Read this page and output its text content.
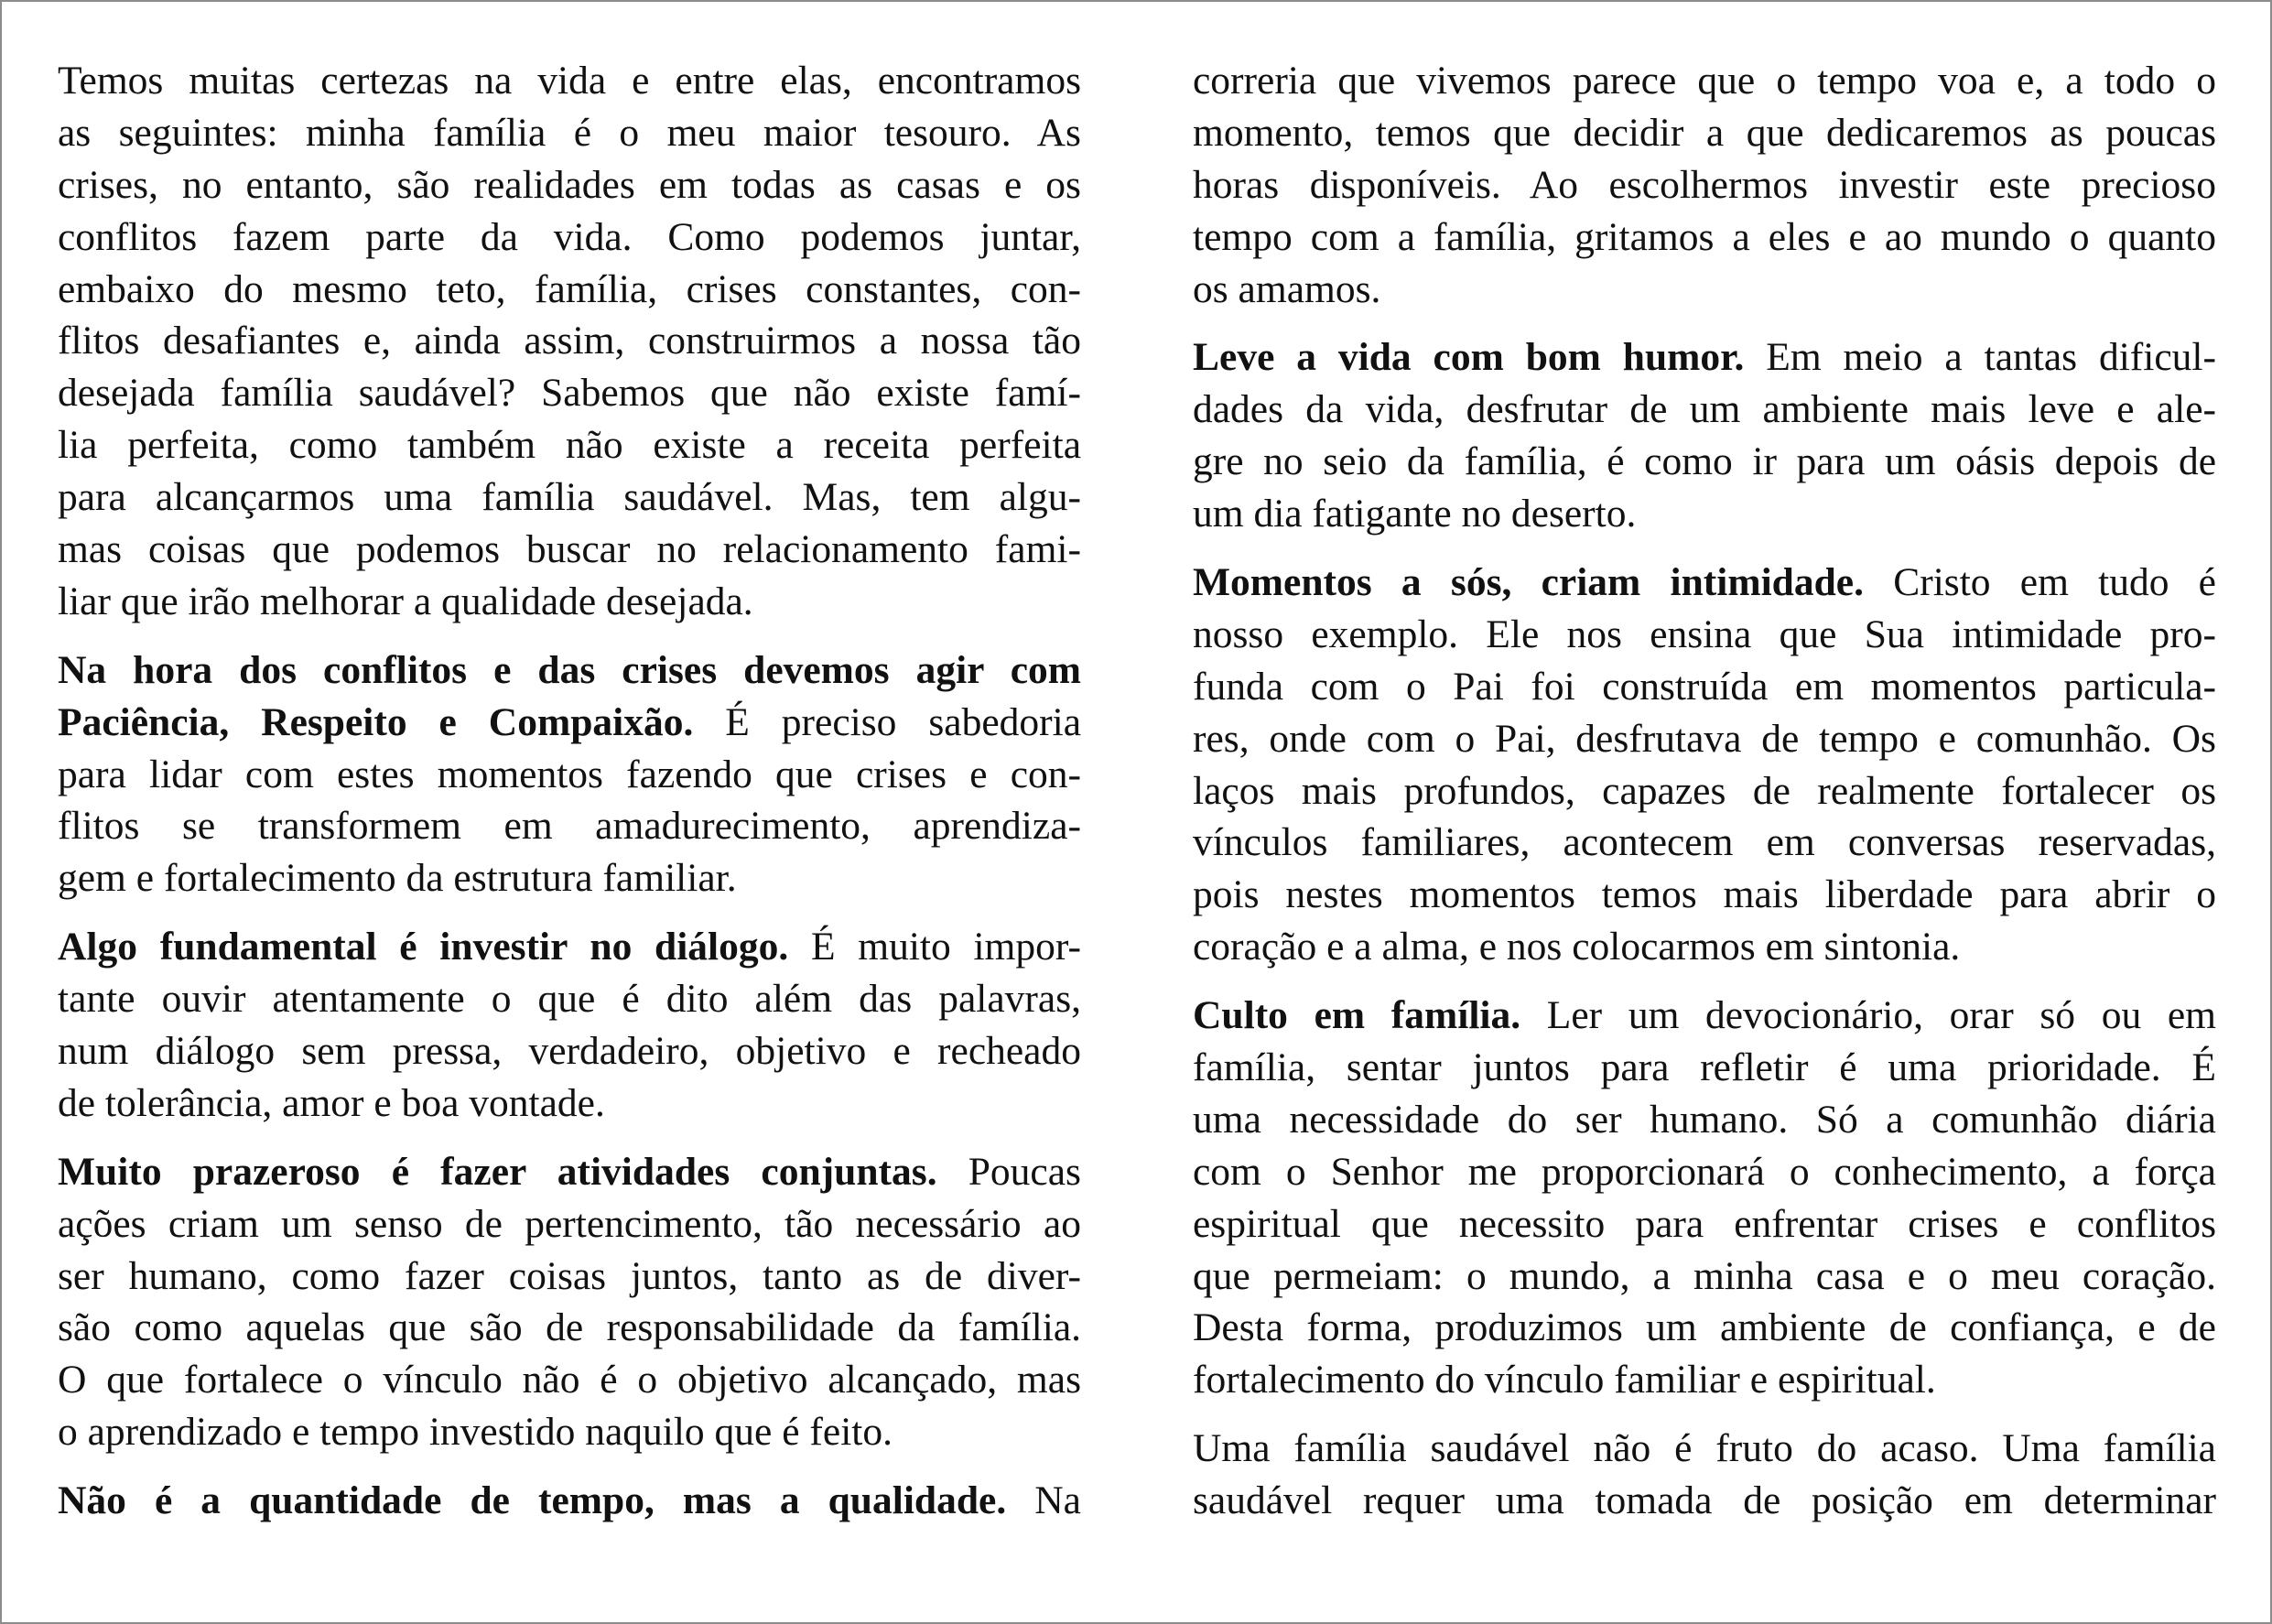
Temos muitas certezas na vida e entre elas, encontramos
as seguintes: minha família é o meu maior tesouro. As
crises, no entanto, são realidades em todas as casas e os
conflitos fazem parte da vida. Como podemos juntar,
embaixo do mesmo teto, família, crises constantes, con-
flitos desafiantes e, ainda assim, construirmos a nossa tão
desejada família saudável? Sabemos que não existe famí-
lia perfeita, como também não existe a receita perfeita
para alcançarmos uma família saudável. Mas, tem algu-
mas coisas que podemos buscar no relacionamento fami-
liar que irão melhorar a qualidade desejada.
Na hora dos conflitos e das crises devemos agir com
Paciência, Respeito e Compaixão. É preciso sabedoria
para lidar com estes momentos fazendo que crises e con-
flitos se transformem em amadurecimento, aprendiza-
gem e fortalecimento da estrutura familiar.
Algo fundamental é investir no diálogo. É muito impor-
tante ouvir atentamente o que é dito além das palavras,
num diálogo sem pressa, verdadeiro, objetivo e recheado
de tolerância, amor e boa vontade.
Muito prazeroso é fazer atividades conjuntas. Poucas
ações criam um senso de pertencimento, tão necessário ao
ser humano, como fazer coisas juntos, tanto as de diver-
são como aquelas que são de responsabilidade da família.
O que fortalece o vínculo não é o objetivo alcançado, mas
o aprendizado e tempo investido naquilo que é feito.
Não é a quantidade de tempo, mas a qualidade. Na
correria que vivemos parece que o tempo voa e, a todo o
momento, temos que decidir a que dedicaremos as poucas
horas disponíveis. Ao escolhermos investir este precioso
tempo com a família, gritamos a eles e ao mundo o quanto
os amamos.
Leve a vida com bom humor. Em meio a tantas dificul-
dades da vida, desfrutar de um ambiente mais leve e ale-
gre no seio da família, é como ir para um oásis depois de
um dia fatigante no deserto.
Momentos a sós, criam intimidade. Cristo em tudo é
nosso exemplo. Ele nos ensina que Sua intimidade pro-
funda com o Pai foi construída em momentos particula-
res, onde com o Pai, desfrutava de tempo e comunhão. Os
laços mais profundos, capazes de realmente fortalecer os
vínculos familiares, acontecem em conversas reservadas,
pois nestes momentos temos mais liberdade para abrir o
coração e a alma, e nos colocarmos em sintonia.
Culto em família. Ler um devocionário, orar só ou em
família, sentar juntos para refletir é uma prioridade. É
uma necessidade do ser humano. Só a comunhão diária
com o Senhor me proporcionará o conhecimento, a força
espiritual que necessito para enfrentar crises e conflitos
que permeiam: o mundo, a minha casa e o meu coração.
Desta forma, produzimos um ambiente de confiança, e de
fortalecimento do vínculo familiar e espiritual.
Uma família saudável não é fruto do acaso. Uma família
saudável requer uma tomada de posição em determinar
